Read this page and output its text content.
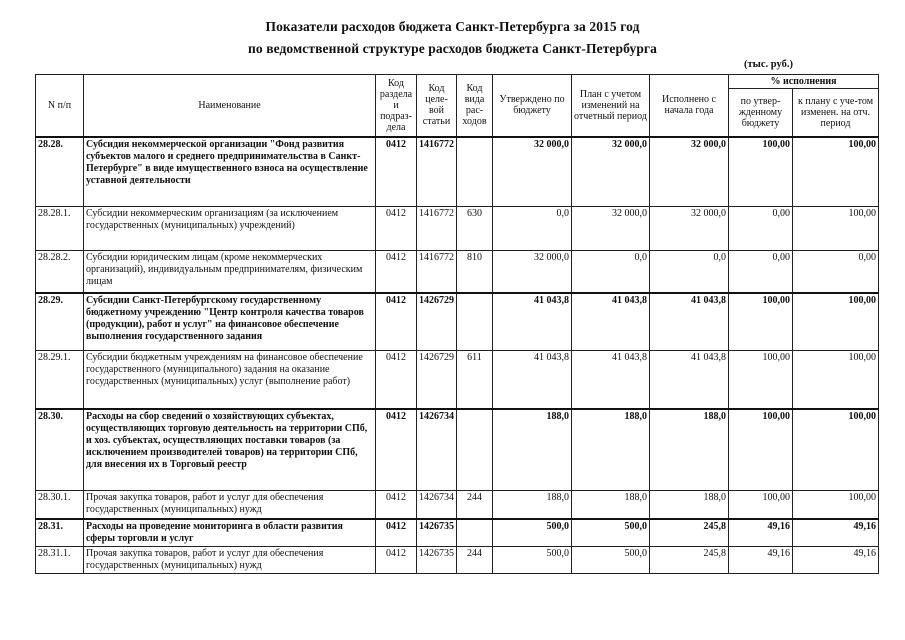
Показатели расходов бюджета Санкт-Петербурга за 2015 год
по ведомственной структуре расходов бюджета Санкт-Петербурга
(тыс. руб.)
N п/п	Наименование	Код раздела и подраз-дела	Код целе-вой статьи	Код вида рас-ходов	Утверждено по бюджету	План с учетом изменений на отчетный период	Исполнено с начала года	% исполнения	
								по утвер-жденному бюджету	к плану с уче-том изменен. на отч. период
28.28.	Субсидия некоммерческой организации "Фонд развития субъектов малого и среднего предпринимательства в Санкт-Петербурге" в виде имущественного взноса на осуществление уставной деятельности	0412	1416772		32 000,0	32 000,0	32 000,0	100,00	100,00
28.28.1.	Субсидии некоммерческим организациям (за исключением государственных (муниципальных) учреждений)	0412	1416772	630	0,0	32 000,0	32 000,0	0,00	100,00
28.28.2.	Субсидии юридическим лицам (кроме некоммерческих организаций), индивидуальным предпринимателям, физическим лицам	0412	1416772	810	32 000,0	0,0	0,0	0,00	0,00
28.29.	Субсидии Санкт-Петербургскому государственному бюджетному учреждению "Центр контроля качества товаров (продукции), работ и услуг" на финансовое обеспечение выполнения государственного задания	0412	1426729		41 043,8	41 043,8	41 043,8	100,00	100,00
28.29.1.	Субсидии бюджетным учреждениям на финансовое обеспечение государственного (муниципального) задания на оказание государственных (муниципальных) услуг (выполнение работ)	0412	1426729	611	41 043,8	41 043,8	41 043,8	100,00	100,00
28.30.	Расходы на сбор сведений о хозяйствующих субъектах, осуществляющих торговую деятельность на территории СПб, и хоз. субъектах, осуществляющих поставки товаров (за исключением производителей товаров) на территории СПб, для внесения их в Торговый реестр	0412	1426734		188,0	188,0	188,0	100,00	100,00
28.30.1.	Прочая закупка товаров, работ и услуг для обеспечения государственных (муниципальных) нужд	0412	1426734	244	188,0	188,0	188,0	100,00	100,00
28.31.	Расходы на проведение мониторинга в области развития сферы торговли и услуг	0412	1426735		500,0	500,0	245,8	49,16	49,16
28.31.1.	Прочая закупка товаров, работ и услуг для обеспечения государственных (муниципальных) нужд	0412	1426735	244	500,0	500,0	245,8	49,16	49,16
